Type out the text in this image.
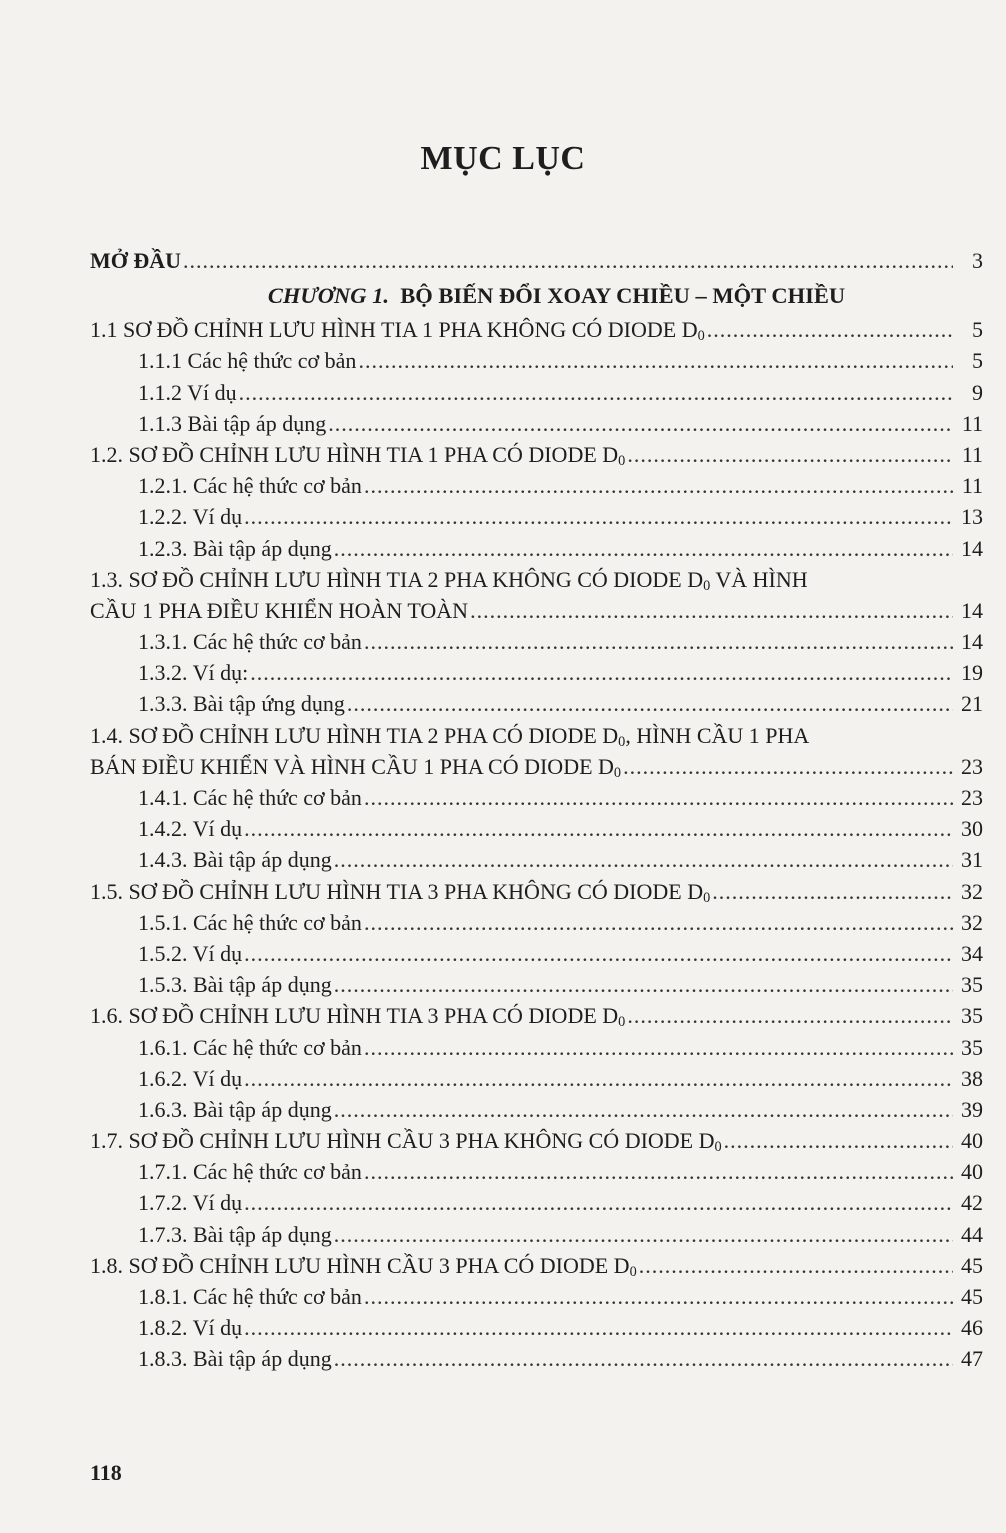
MỤC LỤC
MỞ ĐẦU .....	3
CHƯƠNG 1. BỘ BIẾN ĐỔI XOAY CHIỀU – MỘT CHIỀU
1.1 SƠ ĐỒ CHỈNH LƯU HÌNH TIA 1 PHA KHÔNG CÓ DIODE $D_0$ .....	5
1.1.1 Các hệ thức cơ bản .....	5
1.1.2 Ví dụ .....	9
1.1.3 Bài tập áp dụng .....	11
1.2. SƠ ĐỒ CHỈNH LƯU HÌNH TIA 1 PHA CÓ DIODE $D_0$ .....	11
1.2.1. Các hệ thức cơ bản .....	11
1.2.2. Ví dụ .....	13
1.2.3. Bài tập áp dụng .....	14
1.3. SƠ ĐỒ CHỈNH LƯU HÌNH TIA 2 PHA KHÔNG CÓ DIODE $D_0$ VÀ HÌNH
CẦU 1 PHA ĐIỀU KHIỂN HOÀN TOÀN .....	14
1.3.1. Các hệ thức cơ bản .....	14
1.3.2. Ví dụ: .....	19
1.3.3. Bài tập ứng dụng .....	21
1.4. SƠ ĐỒ CHỈNH LƯU HÌNH TIA 2 PHA CÓ DIODE $D_0$, HÌNH CẦU 1 PHA
BÁN ĐIỀU KHIỂN VÀ HÌNH CẦU 1 PHA CÓ DIODE $D_0$ .....	23
1.4.1. Các hệ thức cơ bản .....	23
1.4.2. Ví dụ .....	30
1.4.3. Bài tập áp dụng .....	31
1.5. SƠ ĐỒ CHỈNH LƯU HÌNH TIA 3 PHA KHÔNG CÓ DIODE $D_0$ .....	32
1.5.1. Các hệ thức cơ bản .....	32
1.5.2. Ví dụ .....	34
1.5.3. Bài tập áp dụng .....	35
1.6. SƠ ĐỒ CHỈNH LƯU HÌNH TIA 3 PHA CÓ DIODE $D_0$ .....	35
1.6.1. Các hệ thức cơ bản .....	35
1.6.2. Ví dụ .....	38
1.6.3. Bài tập áp dụng .....	39
1.7. SƠ ĐỒ CHỈNH LƯU HÌNH CẦU 3 PHA KHÔNG CÓ DIODE $D_0$ .....	40
1.7.1. Các hệ thức cơ bản .....	40
1.7.2. Ví dụ .....	42
1.7.3. Bài tập áp dụng .....	44
1.8. SƠ ĐỒ CHỈNH LƯU HÌNH CẦU 3 PHA CÓ DIODE $D_0$ .....	45
1.8.1. Các hệ thức cơ bản .....	45
1.8.2. Ví dụ .....	46
1.8.3. Bài tập áp dụng .....	47
118
